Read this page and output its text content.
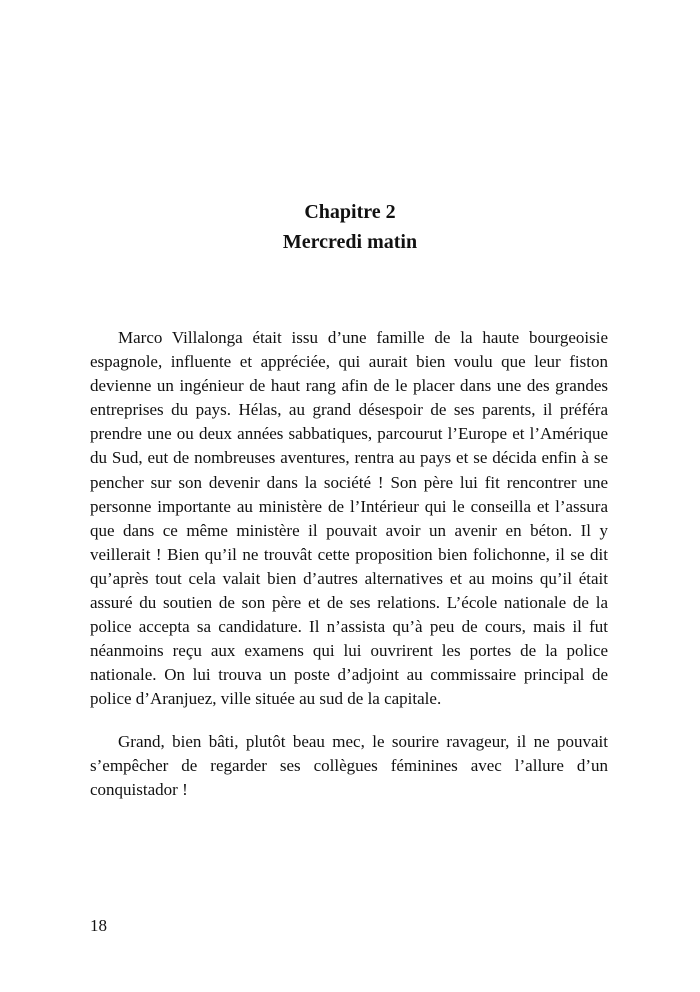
Chapitre 2
Mercredi matin

Marco Villalonga était issu d’une famille de la haute bourgeoisie espagnole, influente et appréciée, qui aurait bien voulu que leur fiston devienne un ingénieur de haut rang afin de le placer dans une des grandes entreprises du pays. Hélas, au grand désespoir de ses parents, il préféra prendre une ou deux années sabbatiques, parcourut l’Europe et l’Amérique du Sud, eut de nombreuses aventures, rentra au pays et se décida enfin à se pencher sur son devenir dans la société ! Son père lui fit rencontrer une personne importante au ministère de l’Intérieur qui le conseilla et l’assura que dans ce même ministère il pouvait avoir un avenir en béton. Il y veillerait ! Bien qu’il ne trouvât cette proposition bien folichonne, il se dit qu’après tout cela valait bien d’autres alternatives et au moins qu’il était assuré du soutien de son père et de ses relations. L’école nationale de la police accepta sa candidature. Il n’assista qu’à peu de cours, mais il fut néanmoins reçu aux examens qui lui ouvrirent les portes de la police nationale. On lui trouva un poste d’adjoint au commissaire principal de police d’Aranjuez, ville située au sud de la capitale.

Grand, bien bâti, plutôt beau mec, le sourire ravageur, il ne pouvait s’empêcher de regarder ses collègues féminines avec l’allure d’un conquistador !

18
